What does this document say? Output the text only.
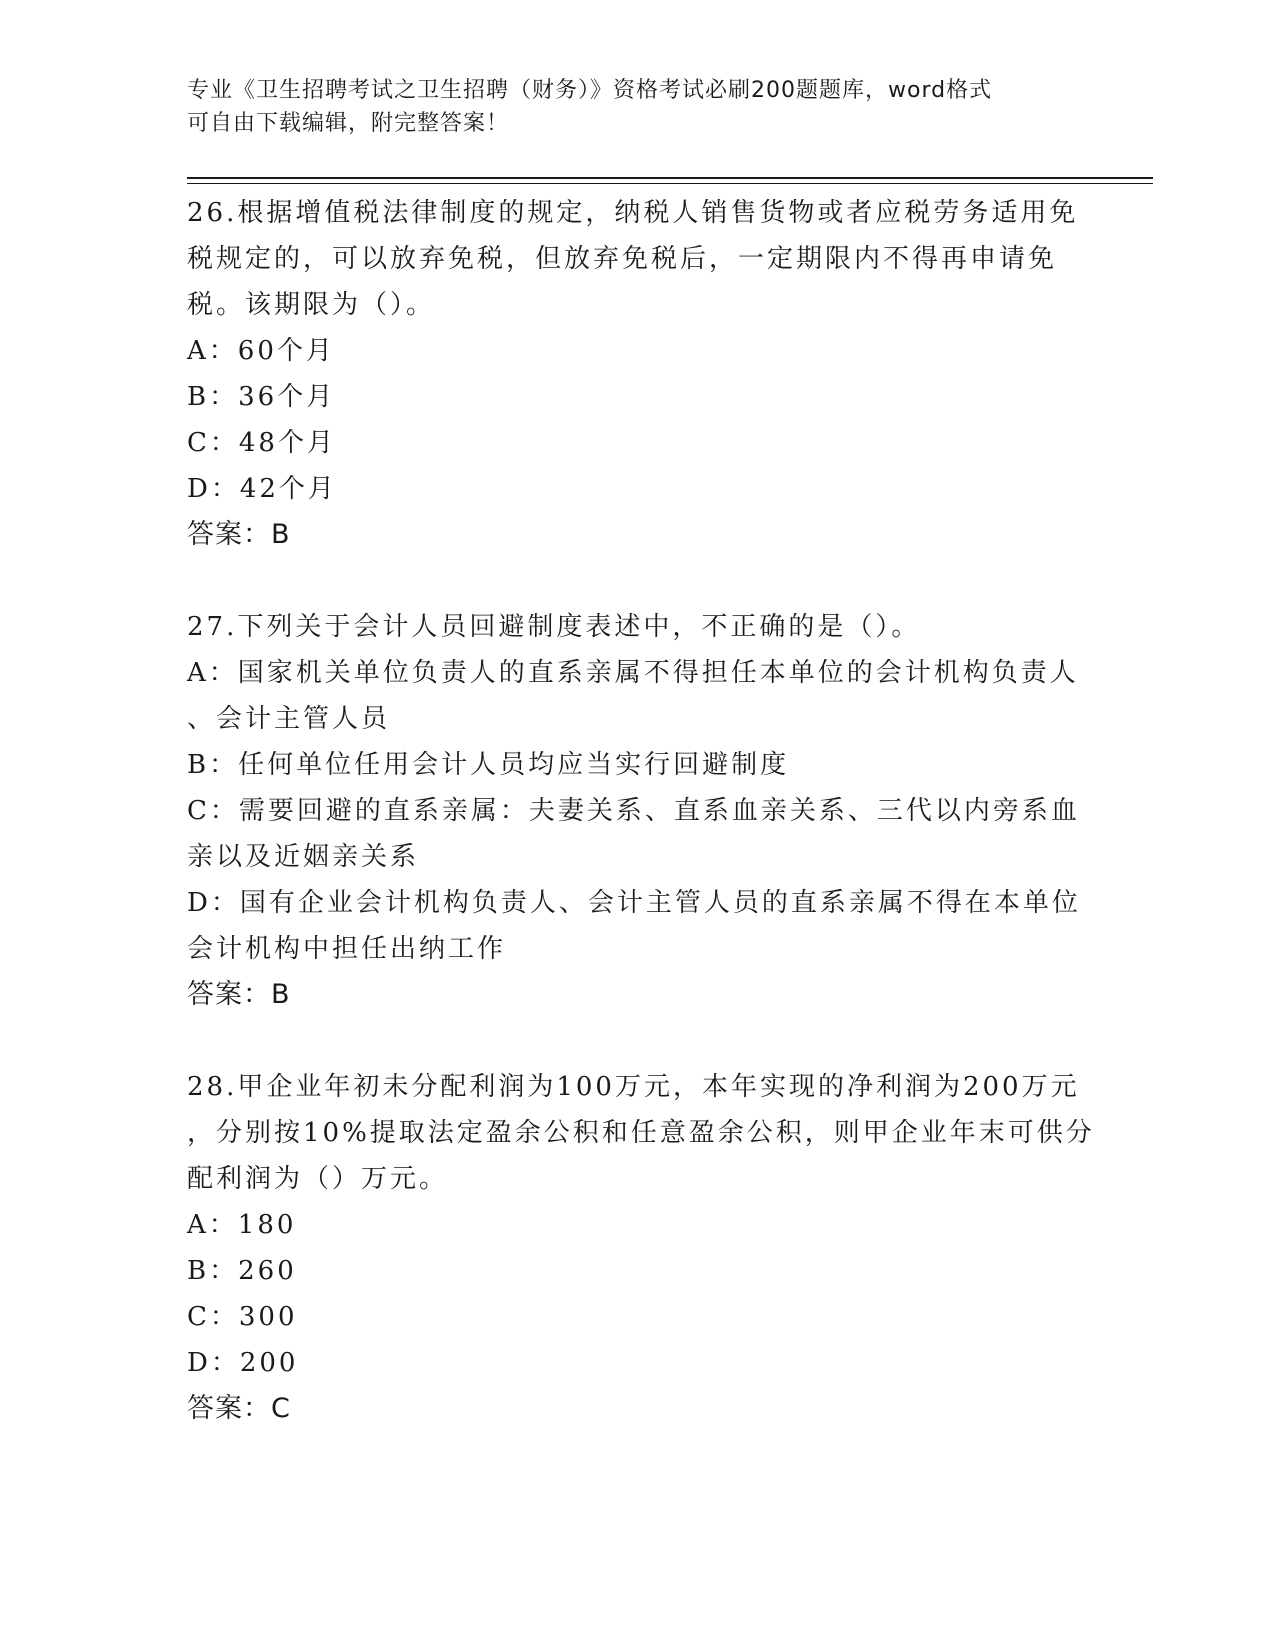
专业《卫生招聘考试之卫生招聘（财务）》资格考试必刷200题题库，word格式

可自由下载编辑，附完整答案！

26.根据增值税法律制度的规定，纳税人销售货物或者应税劳务适用免
税规定的，可以放弃免税，但放弃免税后，一定期限内不得再申请免
税。该期限为（）。

A：60个月

B：36个月

C：48个月

D：42个月

答案：B

27.下列关于会计人员回避制度表述中，不正确的是（）。

A：国家机关单位负责人的直系亲属不得担任本单位的会计机构负责人
、会计主管人员

B：任何单位任用会计人员均应当实行回避制度

C：需要回避的直系亲属：夫妻关系、直系血亲关系、三代以内旁系血
亲以及近姻亲关系

D：国有企业会计机构负责人、会计主管人员的直系亲属不得在本单位
会计机构中担任出纳工作

答案：B

28.甲企业年初未分配利润为100万元，本年实现的净利润为200万元
，分别按10%提取法定盈余公积和任意盈余公积，则甲企业年末可供分
配利润为（）万元。

A：180

B：260

C：300

D：200

答案：C
